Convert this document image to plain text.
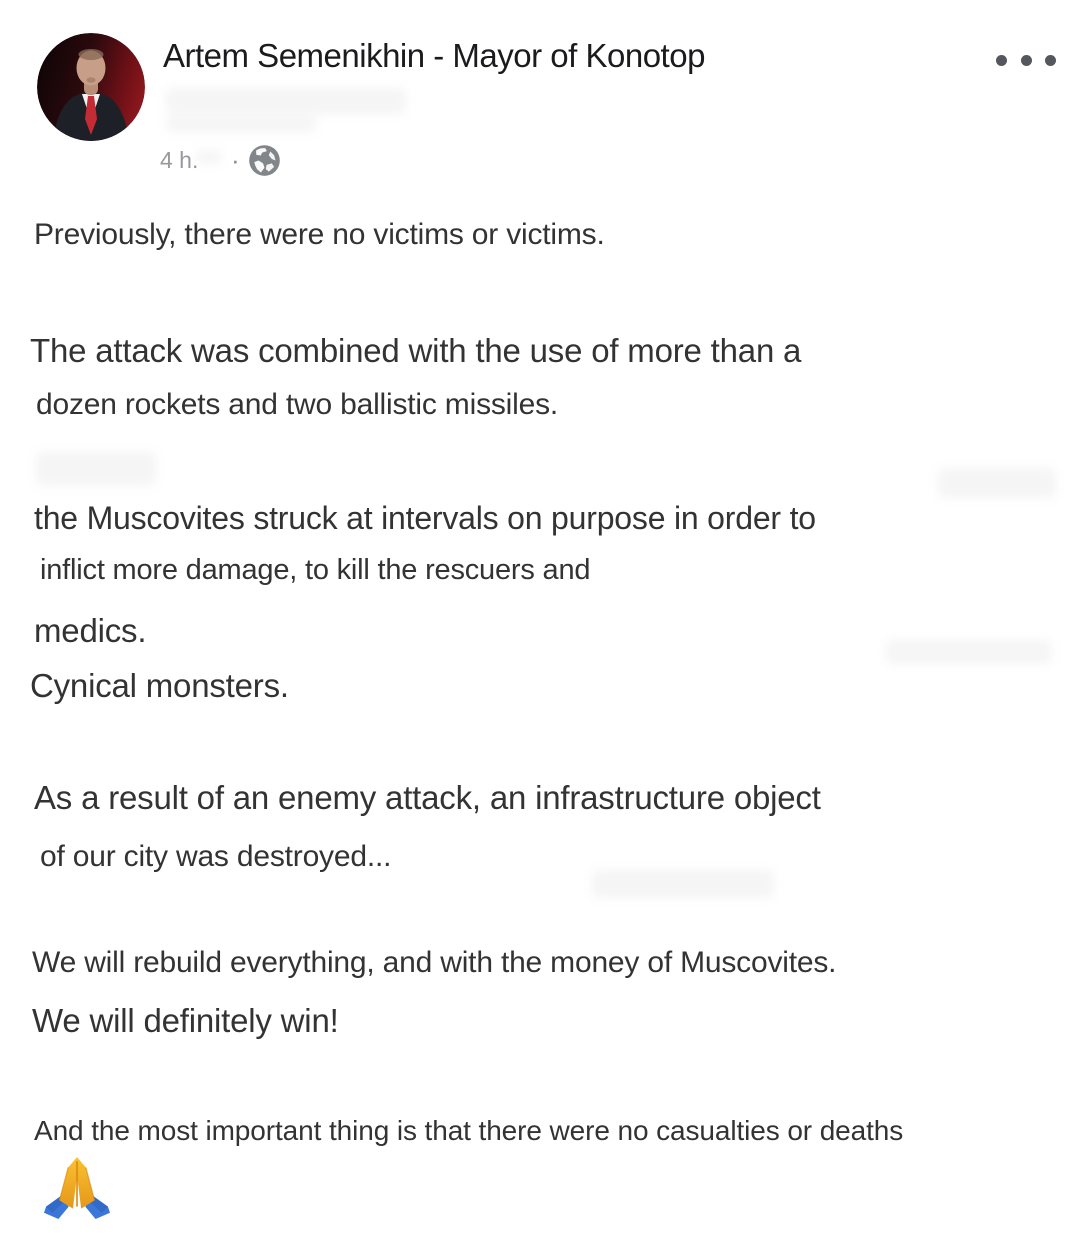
Artem Semenikhin - Mayor of Konotop
4 h. ·
Previously, there were no victims or victims.
The attack was combined with the use of more than a
dozen rockets and two ballistic missiles.
the Muscovites struck at intervals on purpose in order to
inflict more damage, to kill the rescuers and
medics.
Cynical monsters.
As a result of an enemy attack, an infrastructure object
of our city was destroyed...
We will rebuild everything, and with the money of Muscovites.
We will definitely win!
And the most important thing is that there were no casualties or deaths
